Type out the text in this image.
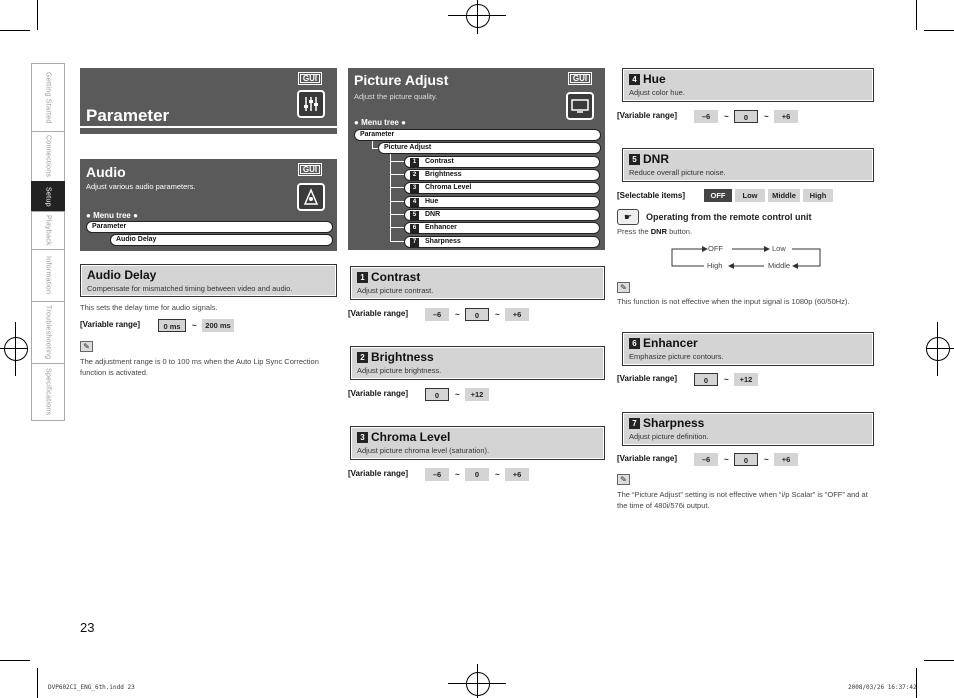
Getting Started
Connections
Setup
Playback
Information
Troubleshooting
Specifications
GUI
Parameter
GUI
Audio
Adjust various audio parameters.
● Menu tree ●
Parameter
Audio Delay
Audio Delay
Compensate for mismatched timing between video and audio.
This sets the delay time for audio signals.
[Variable range]	0 ms	~	200 ms
✎
The adjustment range is 0 to 100 ms when the Auto Lip Sync Correction function is activated.
GUI
Picture Adjust
Adjust the picture quality.
● Menu tree ●
Parameter
Picture Adjust
1 Contrast
2 Brightness
3 Chroma Level
4 Hue
5 DNR
6 Enhancer
7 Sharpness
1 Contrast
Adjust picture contrast.
[Variable range]	–6	~	0	~	+6
2 Brightness
Adjust picture brightness.
[Variable range]	0	~	+12
3 Chroma Level
Adjust picture chroma level (saturation).
[Variable range]	–6	~	0	~	+6
4 Hue
Adjust color hue.
[Variable range]	–6	~	0	~	+6
5 DNR
Reduce overall picture noise.
[Selectable items]	OFF	Low	Middle	High
☛	Operating from the remote control unit
Press the DNR button.
OFF	Low
High	Middle
✎
This function is not effective when the input signal is 1080p (60/50Hz).
6 Enhancer
Emphasize picture contours.
[Variable range]	0	~	+12
7 Sharpness
Adjust picture definition.
[Variable range]	–6	~	0	~	+6
✎
The “Picture Adjust” setting is not effective when “i/p Scalar” is “OFF” and at the time of 480i/576i output.
23
DVP602CI_ENG_6th.indd 23	2008/03/26 16:37:42
